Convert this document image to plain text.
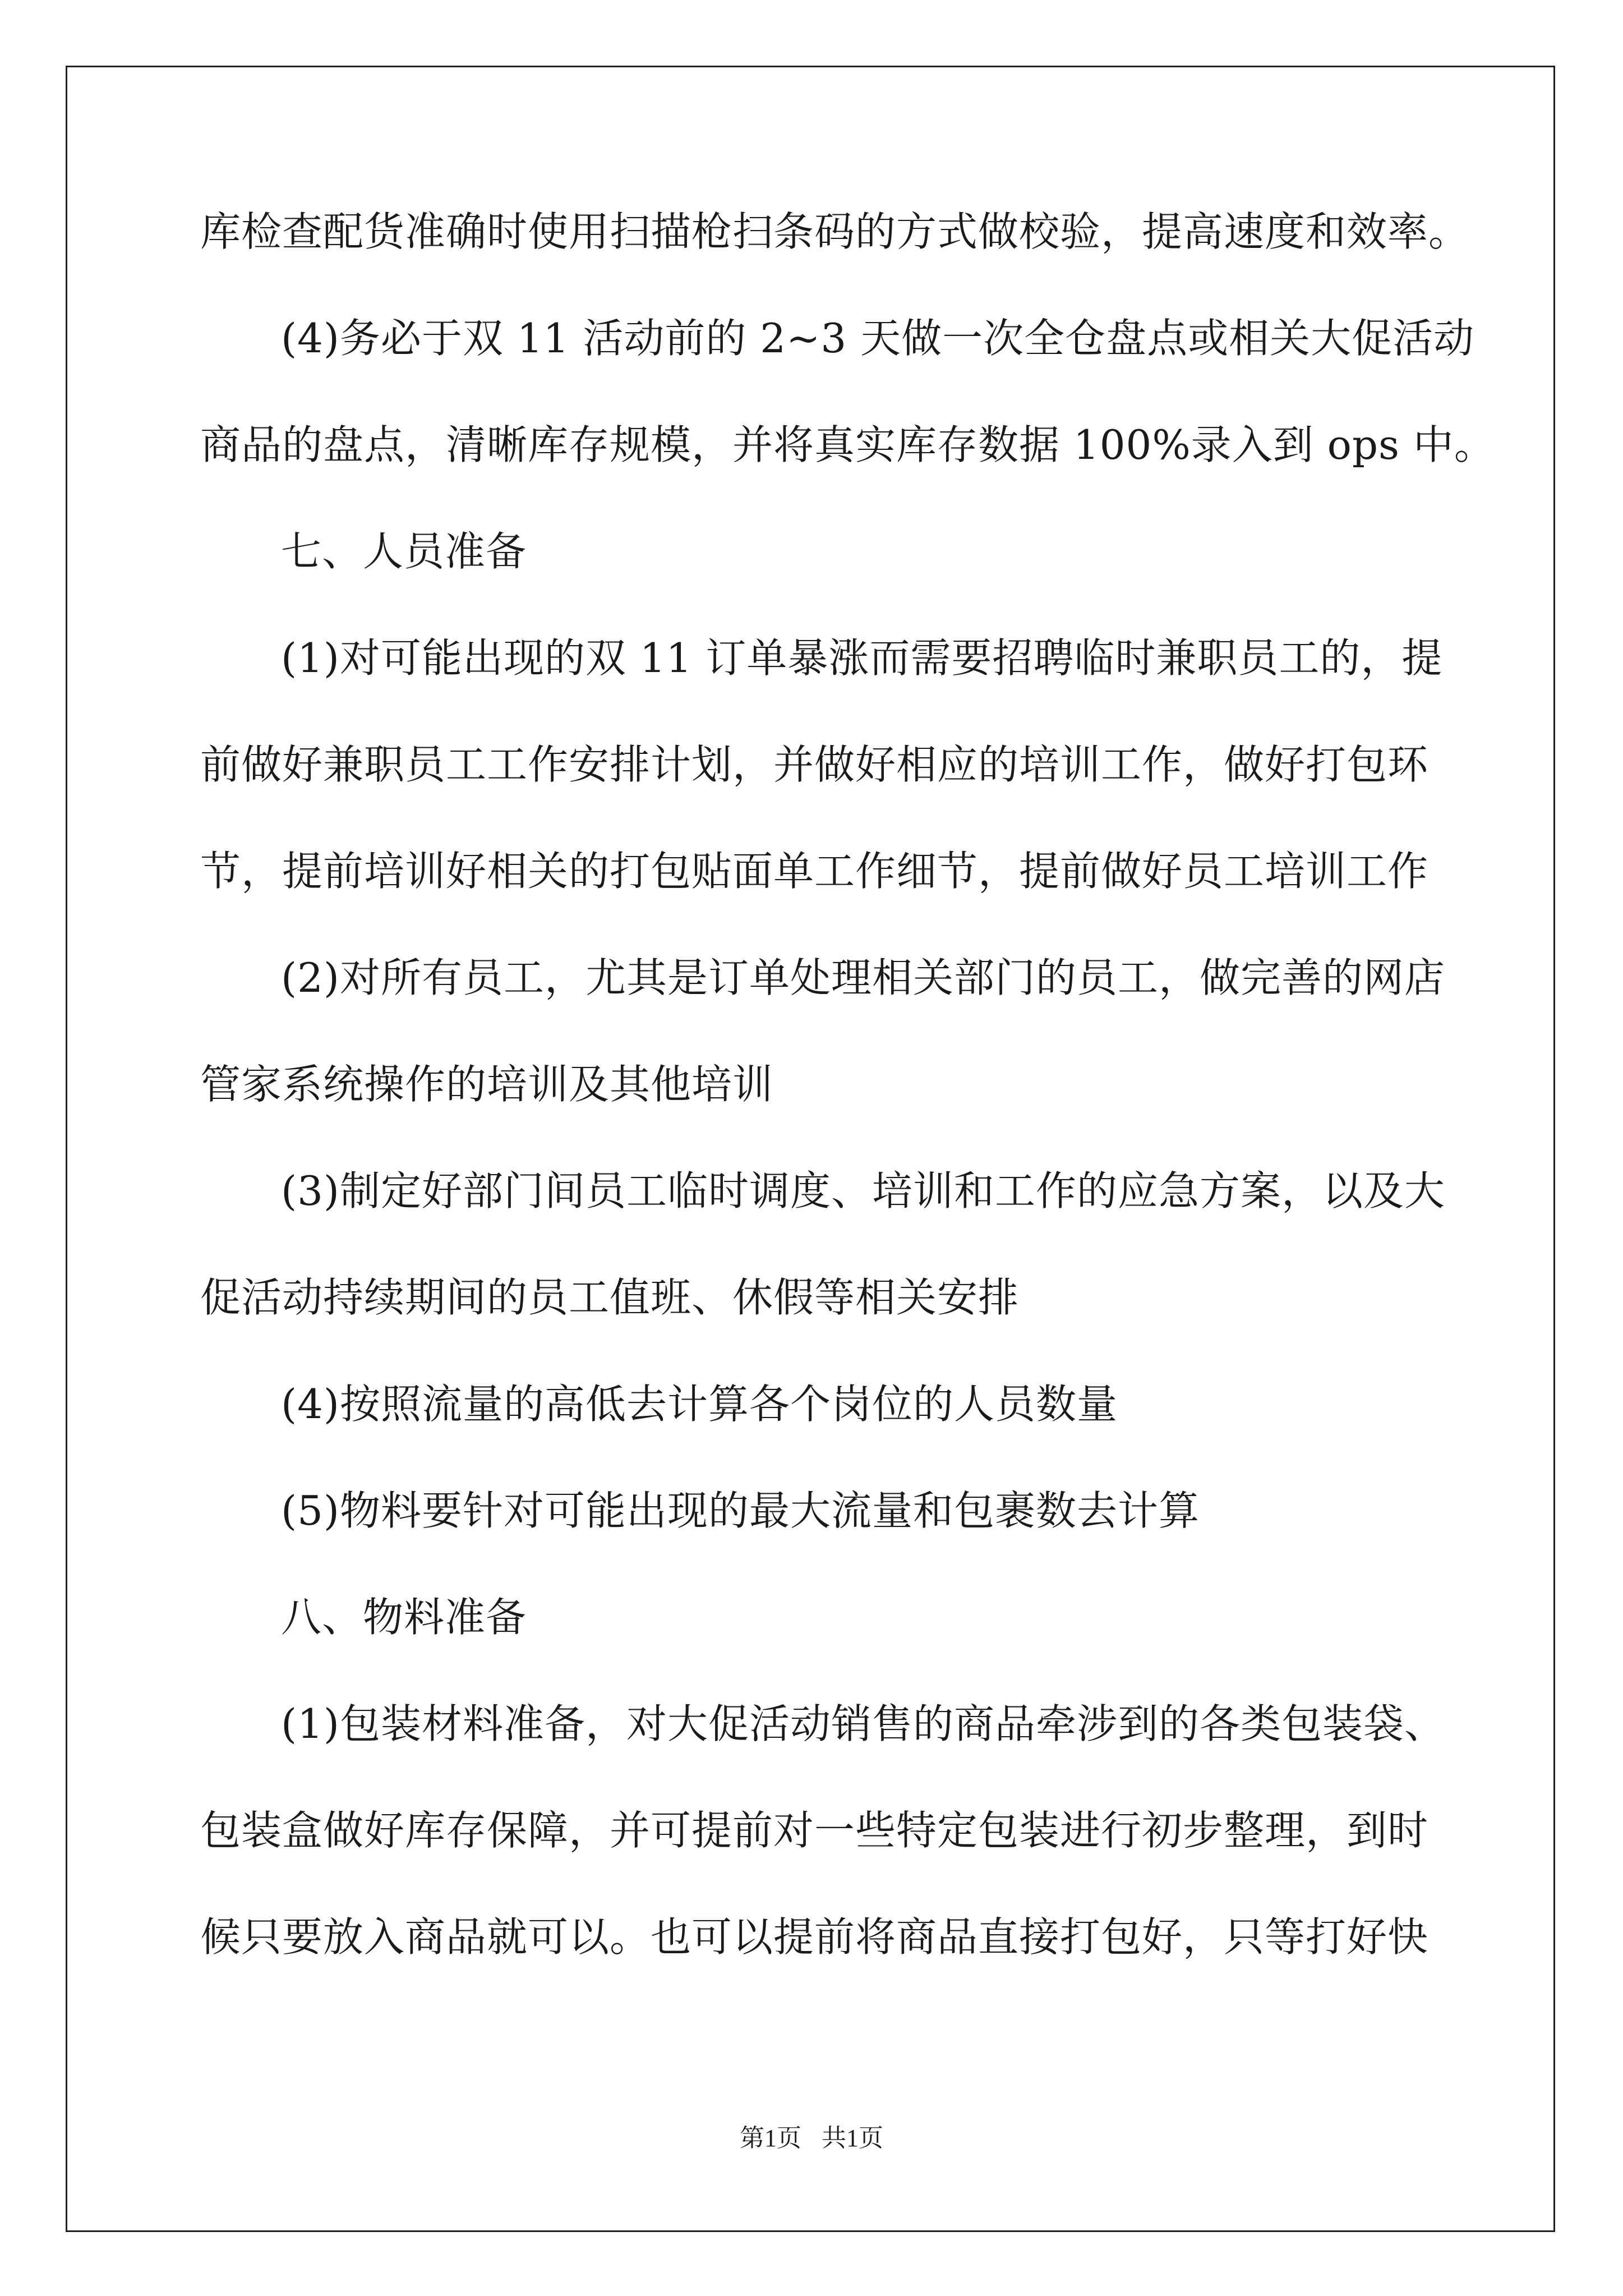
库检查配货准确时使用扫描枪扫条码的方式做校验，提高速度和效率。
(4)务必于双 11 活动前的 2~3 天做一次全仓盘点或相关大促活动
商品的盘点，清晰库存规模，并将真实库存数据 100%录入到 ops 中。
七、人员准备
(1)对可能出现的双 11 订单暴涨而需要招聘临时兼职员工的，提
前做好兼职员工工作安排计划，并做好相应的培训工作，做好打包环
节，提前培训好相关的打包贴面单工作细节，提前做好员工培训工作
(2)对所有员工，尤其是订单处理相关部门的员工，做完善的网店
管家系统操作的培训及其他培训
(3)制定好部门间员工临时调度、培训和工作的应急方案，以及大
促活动持续期间的员工值班、休假等相关安排
(4)按照流量的高低去计算各个岗位的人员数量
(5)物料要针对可能出现的最大流量和包裹数去计算
八、物料准备
(1)包装材料准备，对大促活动销售的商品牵涉到的各类包装袋、
包装盒做好库存保障，并可提前对一些特定包装进行初步整理，到时
候只要放入商品就可以。也可以提前将商品直接打包好，只等打好快
第1页 共1页
